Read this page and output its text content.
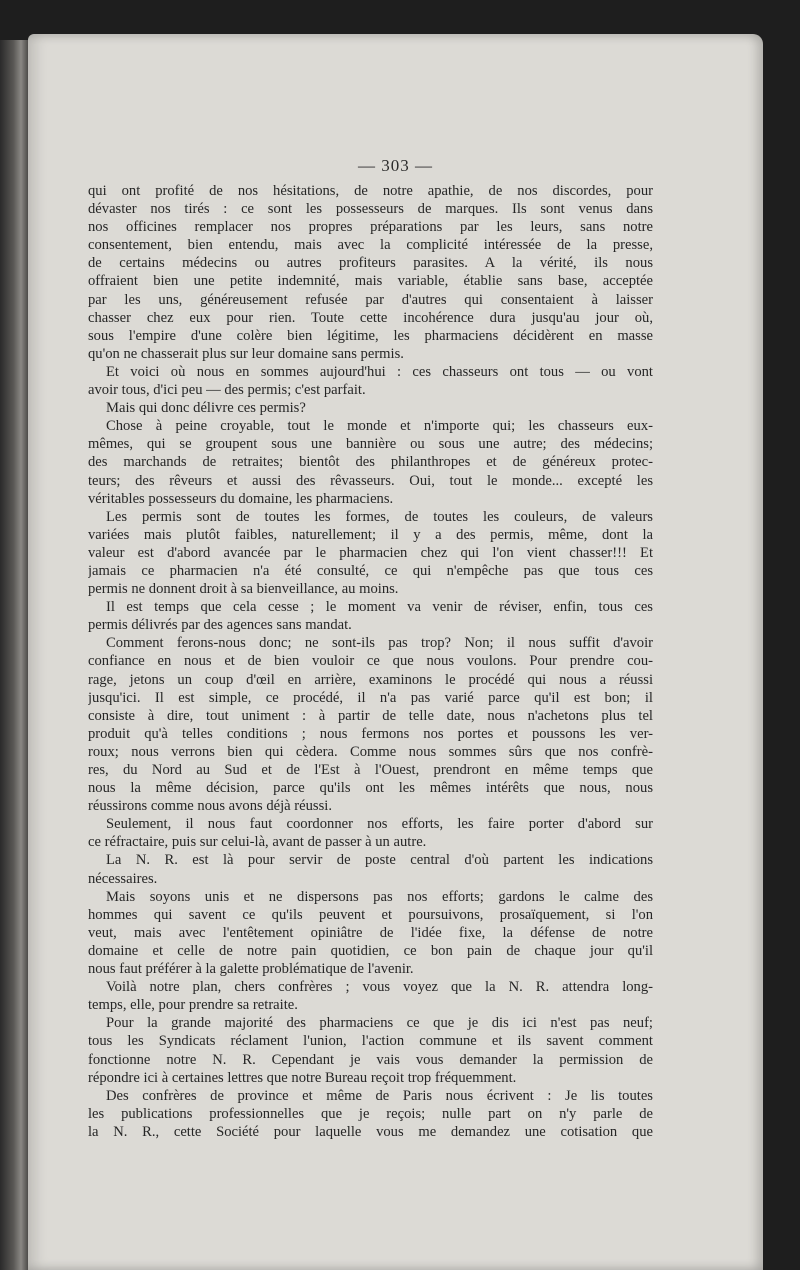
— 303 —
qui ont profité de nos hésitations, de notre apathie, de nos discordes, pour
dévaster nos tirés : ce sont les possesseurs de marques. Ils sont venus dans
nos officines remplacer nos propres préparations par les leurs, sans notre
consentement, bien entendu, mais avec la complicité intéressée de la presse,
de certains médecins ou autres profiteurs parasites. A la vérité, ils nous
offraient bien une petite indemnité, mais variable, établie sans base, acceptée
par les uns, généreusement refusée par d'autres qui consentaient à laisser
chasser chez eux pour rien. Toute cette incohérence dura jusqu'au jour où,
sous l'empire d'une colère bien légitime, les pharmaciens décidèrent en masse
qu'on ne chasserait plus sur leur domaine sans permis.
Et voici où nous en sommes aujourd'hui : ces chasseurs ont tous — ou vont
avoir tous, d'ici peu — des permis; c'est parfait.
Mais qui donc délivre ces permis?
Chose à peine croyable, tout le monde et n'importe qui; les chasseurs eux-
mêmes, qui se groupent sous une bannière ou sous une autre; des médecins;
des marchands de retraites; bientôt des philanthropes et de généreux protec-
teurs; des rêveurs et aussi des rêvasseurs. Oui, tout le monde... excepté les
véritables possesseurs du domaine, les pharmaciens.
Les permis sont de toutes les formes, de toutes les couleurs, de valeurs
variées mais plutôt faibles, naturellement; il y a des permis, même, dont la
valeur est d'abord avancée par le pharmacien chez qui l'on vient chasser!!! Et
jamais ce pharmacien n'a été consulté, ce qui n'empêche pas que tous ces
permis ne donnent droit à sa bienveillance, au moins.
Il est temps que cela cesse ; le moment va venir de réviser, enfin, tous ces
permis délivrés par des agences sans mandat.
Comment ferons-nous donc; ne sont-ils pas trop? Non; il nous suffit d'avoir
confiance en nous et de bien vouloir ce que nous voulons. Pour prendre cou-
rage, jetons un coup d'œil en arrière, examinons le procédé qui nous a réussi
jusqu'ici. Il est simple, ce procédé, il n'a pas varié parce qu'il est bon; il
consiste à dire, tout uniment : à partir de telle date, nous n'achetons plus tel
produit qu'à telles conditions ; nous fermons nos portes et poussons les ver-
roux; nous verrons bien qui cèdera. Comme nous sommes sûrs que nos confrè-
res, du Nord au Sud et de l'Est à l'Ouest, prendront en même temps que
nous la même décision, parce qu'ils ont les mêmes intérêts que nous, nous
réussirons comme nous avons déjà réussi.
Seulement, il nous faut coordonner nos efforts, les faire porter d'abord sur
ce réfractaire, puis sur celui-là, avant de passer à un autre.
La N. R. est là pour servir de poste central d'où partent les indications
nécessaires.
Mais soyons unis et ne dispersons pas nos efforts; gardons le calme des
hommes qui savent ce qu'ils peuvent et poursuivons, prosaïquement, si l'on
veut, mais avec l'entêtement opiniâtre de l'idée fixe, la défense de notre
domaine et celle de notre pain quotidien, ce bon pain de chaque jour qu'il
nous faut préférer à la galette problématique de l'avenir.
Voilà notre plan, chers confrères ; vous voyez que la N. R. attendra long-
temps, elle, pour prendre sa retraite.
Pour la grande majorité des pharmaciens ce que je dis ici n'est pas neuf;
tous les Syndicats réclament l'union, l'action commune et ils savent comment
fonctionne notre N. R. Cependant je vais vous demander la permission de
répondre ici à certaines lettres que notre Bureau reçoit trop fréquemment.
Des confrères de province et même de Paris nous écrivent : Je lis toutes
les publications professionnelles que je reçois; nulle part on n'y parle de
la N. R., cette Société pour laquelle vous me demandez une cotisation que
